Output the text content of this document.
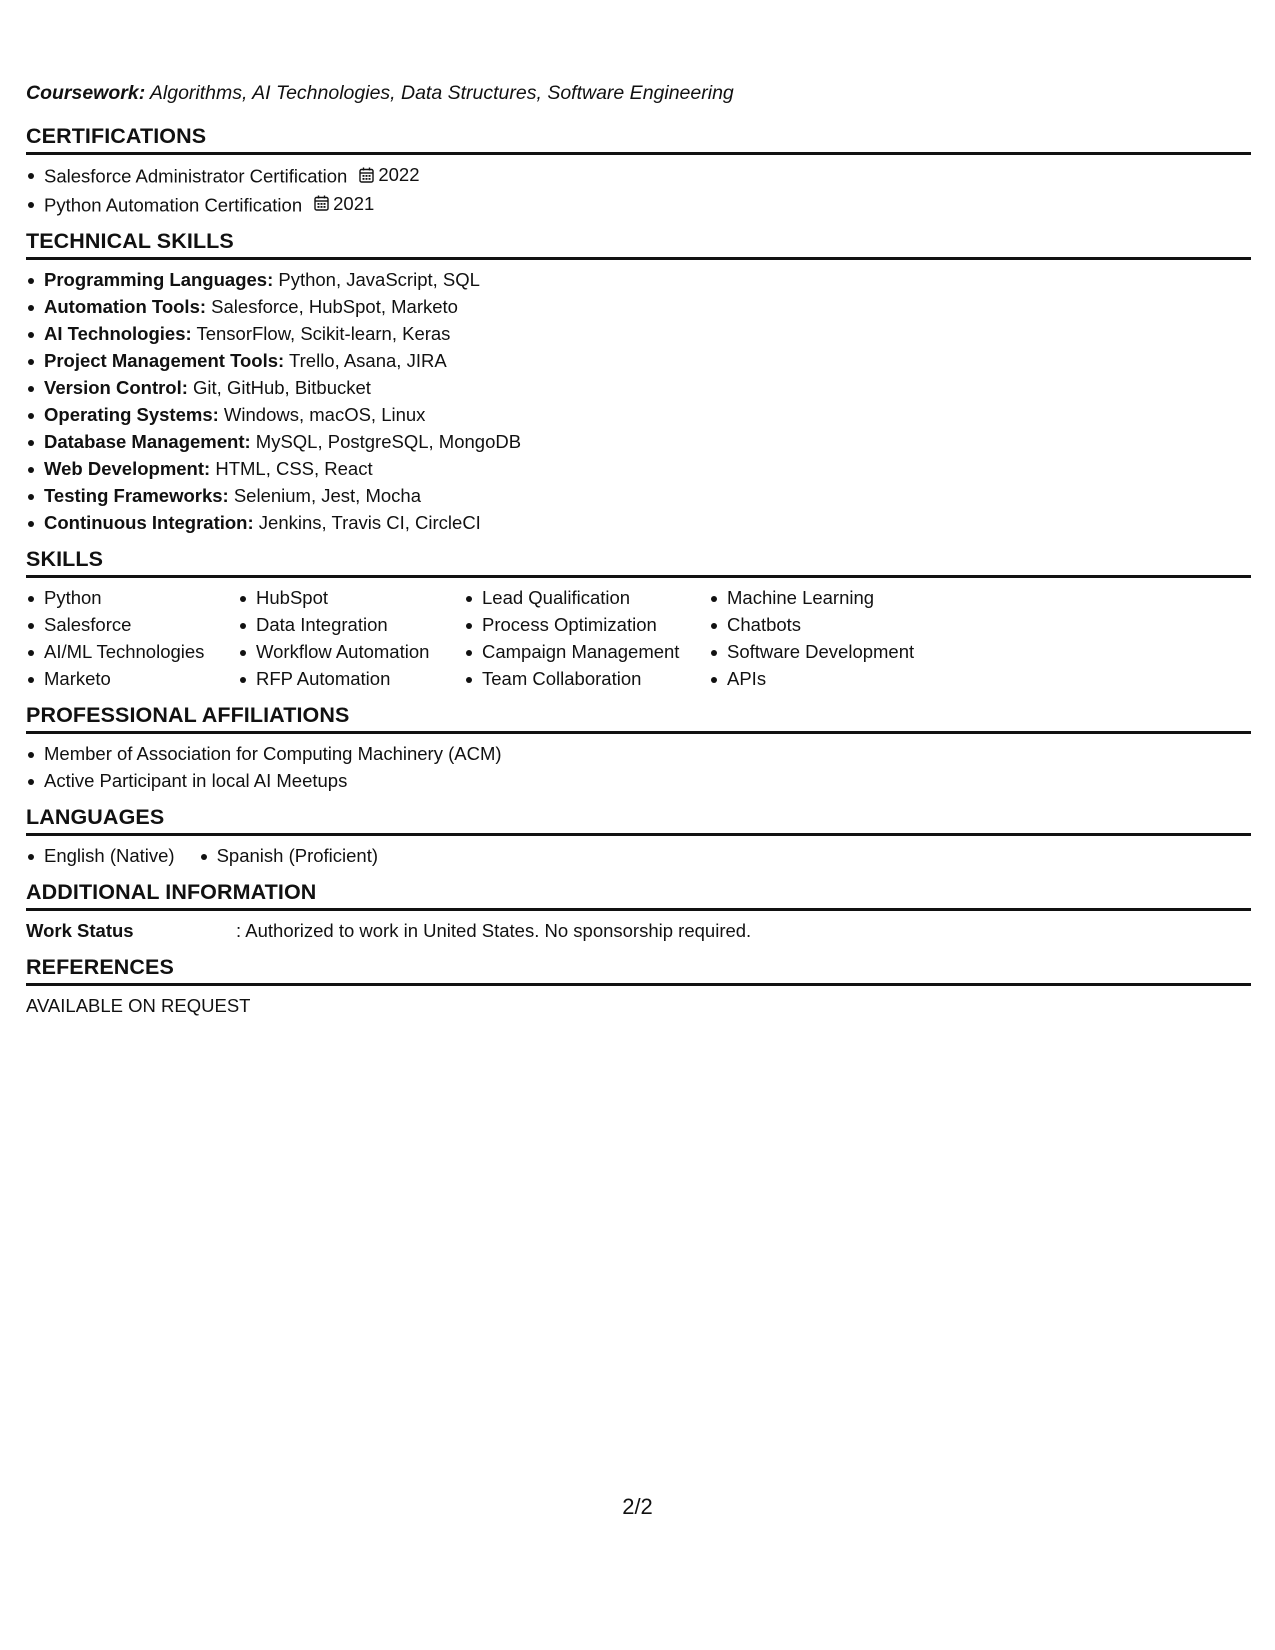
Coursework: Algorithms, AI Technologies, Data Structures, Software Engineering

CERTIFICATIONS
Salesforce Administrator Certification 2022
Python Automation Certification 2021
TECHNICAL SKILLS
Programming Languages: Python, JavaScript, SQL
Automation Tools: Salesforce, HubSpot, Marketo
AI Technologies: TensorFlow, Scikit-learn, Keras
Project Management Tools: Trello, Asana, JIRA
Version Control: Git, GitHub, Bitbucket
Operating Systems: Windows, macOS, Linux
Database Management: MySQL, PostgreSQL, MongoDB
Web Development: HTML, CSS, React
Testing Frameworks: Selenium, Jest, Mocha
Continuous Integration: Jenkins, Travis CI, CircleCI
SKILLS
Python
Salesforce
AI/ML Technologies
Marketo
HubSpot
Data Integration
Workflow Automation
RFP Automation
Lead Qualification
Process Optimization
Campaign Management
Team Collaboration
Machine Learning
Chatbots
Software Development
APIs
PROFESSIONAL AFFILIATIONS
Member of Association for Computing Machinery (ACM)
Active Participant in local AI Meetups
LANGUAGES
English (Native)	Spanish (Proficient)
ADDITIONAL INFORMATION
Work Status	: Authorized to work in United States. No sponsorship required.
REFERENCES

AVAILABLE ON REQUEST

2/2
